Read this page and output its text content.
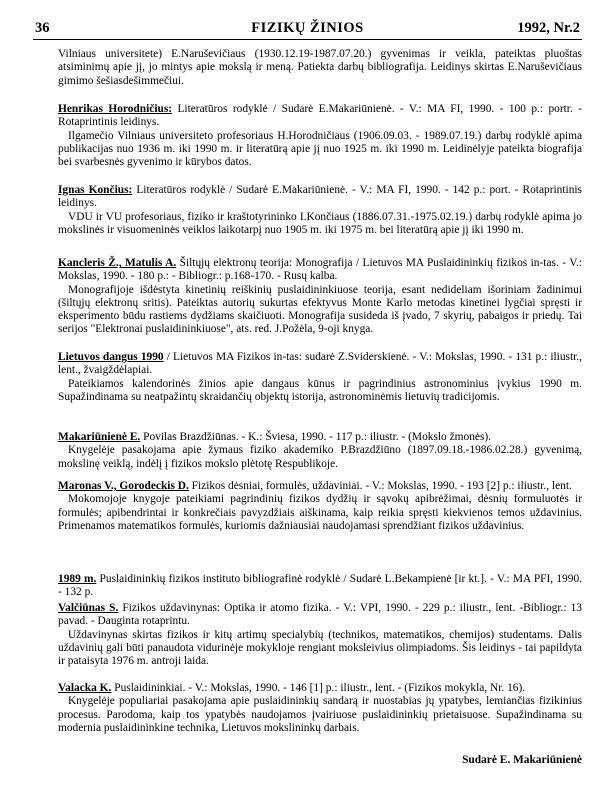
36	FIZIKŲ ŽINIOS	1992, Nr.2

Vilniaus universitete) E.Naruševičiaus (1930.12.19-1987.07.20.) gyvenimas ir veikla, pateiktas pluoštas atsiminimų apie jį, jo mintys apie mokslą ir meną. Patiekta darbų bibliografija. Leidinys skirtas E.Naruševičiaus gimimo šešiasdešimmečiui.

Henrikas Horodničius: Literatūros rodyklė / Sudarė E.Makariūnienė. - V.: MA FI, 1990. - 100 p.: portr. - Rotaprintinis leidinys.

Ilgamečio Vilniaus universiteto profesoriaus H.Horodničiaus (1906.09.03. - 1989.07.19.) darbų rodyklė apima publikacijas nuo 1936 m. iki 1990 m. ir literatūrą apie jį nuo 1925 m. iki 1990 m. Leidinėlyje pateikta biografija bei svarbesnės gyvenimo ir kūrybos datos.

Ignas Končius: Literatūros rodyklė / Sudarė E.Makariūnienė. - V.: MA FI, 1990. - 142 p.: port. - Rotaprintinis leidinys.

VDU ir VU profesoriaus, fiziko ir kraštotyrininko I.Končiaus (1886.07.31.-1975.02.19.) darbų rodyklė apima jo mokslinės ir visuomeninės veiklos laikotarpį nuo 1905 m. iki 1975 m. bei literatūrą apie jį iki 1990 m.

Kancleris Ž., Matulis A. Šiltųjų elektronų teorija: Monografija / Lietuvos MA Puslaidininkių fizikos in-tas. - V.: Mokslas, 1990. - 180 p.: - Bibliogr.: p.168-170. - Rusų kalba.

Monografijoje išdėstyta kinetinių reiškinių puslaidininkiuose teorija, esant nedideliam išoriniam žadinimui (šiltųjų elektronų sritis). Pateiktas autorių sukurtas efektyvus Monte Karlo metodas kinetinei lygčiai spręsti ir eksperimento būdu rastiems dydžiams skaičiuoti. Monografija susideda iš įvado, 7 skyrių, pabaigos ir priedų. Tai serijos "Elektronai puslaidininkiuose", ats. red. J.Požėla, 9-oji knyga.

Lietuvos dangus 1990 / Lietuvos MA Fizikos in-tas: sudarė Z.Sviderskienė. - V.: Mokslas, 1990. - 131 p.: iliustr., lent., žvaigždėlapiai.

Pateikiamos kalendorinės žinios apie dangaus kūnus ir pagrindinius astronominius įvykius 1990 m. Supažindinama su neatpažintų skraidančių objektų istorija, astronominėmis lietuvių tradicijomis.

Makariūnienė E. Povilas Brazdžiūnas. - K.: Šviesa, 1990. - 117 p.: iliustr. - (Mokslo žmonės).

Knygelėje pasakojama apie žymaus fiziko akademiko P.Brazdžiūno (1897.09.18.-1986.02.28.) gyvenimą, mokslinę veiklą, indėlį į fizikos mokslo plėtotę Respublikoje.

Maronas V., Gorodeckis D. Fizikos dėsniai, formulės, uždaviniai. - V.: Mokslas, 1990. - 193 [2] p.: iliustr., lent.

Mokomojoje knygoje pateikiami pagrindinių fizikos dydžių ir sąvokų apibrėžimai, dėsnių formuluotės ir formulės; apibendrintai ir konkrečiais pavyzdžiais aiškinama, kaip reikia spręsti kiekvienos temos uždavinius. Primenamos matematikos formulės, kuriomis dažniausiai naudojamasi sprendžiant fizikos uždavinius.

1989 m. Puslaidininkių fizikos instituto bibliografinė rodyklė / Sudarė L.Bekampienė [ir kt.]. - V.: MA PFI, 1990. - 132 p.
Valčiūnas S. Fizikos uždavinynas: Optika ir atomo fizika. - V.: VPI, 1990. - 229 p.: iliustr., lent. -Bibliogr.: 13 pavad. - Dauginta rotaprintu.

Uždavinynas skirtas fizikos ir kitų artimų specialybių (technikos, matematikos, chemijos) studentams. Dalis uždavinių gali būti panaudota vidurinėje mokykloje rengiant moksleivius olimpiadoms. Šis leidinys - tai papildyta ir pataisyta 1976 m. antroji laida.

Valacka K. Puslaidininkiai. - V.: Mokslas, 1990. - 146 [1] p.: iliustr., lent. - (Fizikos mokykla, Nr. 16).

Knygelėje populiariai pasakojama apie puslaidininkių sandarą ir nuostabias jų ypatybes, lemiančias fizikinius procesus. Parodoma, kaip tos ypatybės naudojamos įvairiuose puslaidininkių prietaisuose. Supažindinama su moderniа puslaidininkine technika, Lietuvos mokslininkų darbais.

Sudarė E. Makariūnienė
